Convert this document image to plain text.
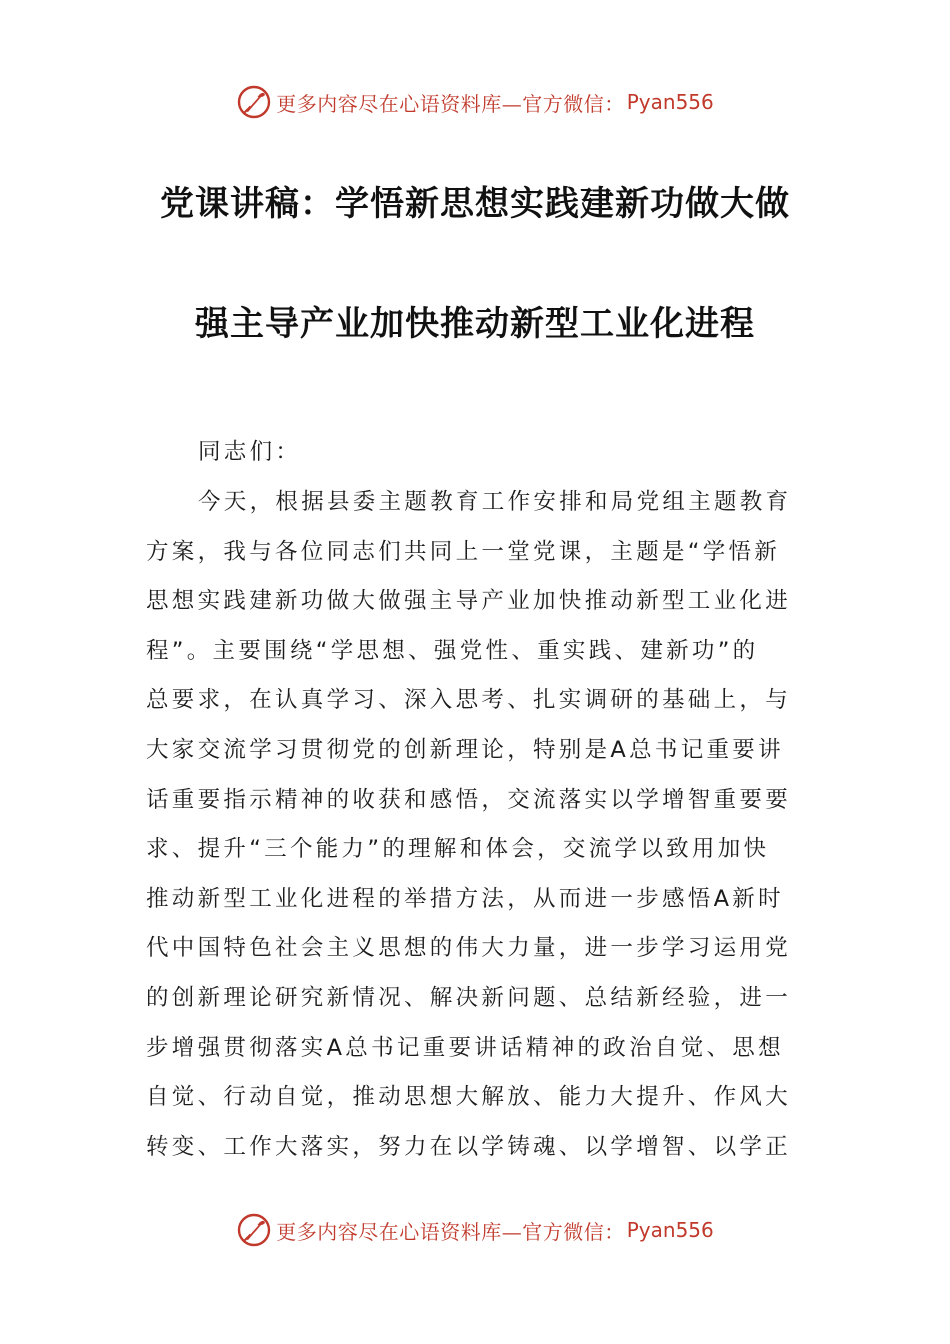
更多内容尽在心语资料库—官方微信： Pyan556
党课讲稿：学悟新思想实践建新功做大做
强主导产业加快推动新型工业化进程

同志们：

今天，根据县委主题教育工作安排和局党组主题教育
方案，我与各位同志们共同上一堂党课，主题是“学悟新
思想实践建新功做大做强主导产业加快推动新型工业化进
程”。主要围绕“学思想、强党性、重实践、建新功”的
总要求，在认真学习、深入思考、扎实调研的基础上，与
大家交流学习贯彻党的创新理论，特别是A总书记重要讲
话重要指示精神的收获和感悟，交流落实以学增智重要要
求、提升“三个能力”的理解和体会，交流学以致用加快
推动新型工业化进程的举措方法，从而进一步感悟A新时
代中国特色社会主义思想的伟大力量，进一步学习运用党
的创新理论研究新情况、解决新问题、总结新经验，进一
步增强贯彻落实A总书记重要讲话精神的政治自觉、思想
自觉、行动自觉，推动思想大解放、能力大提升、作风大
转变、工作大落实，努力在以学铸魂、以学增智、以学正
更多内容尽在心语资料库—官方微信： Pyan556
